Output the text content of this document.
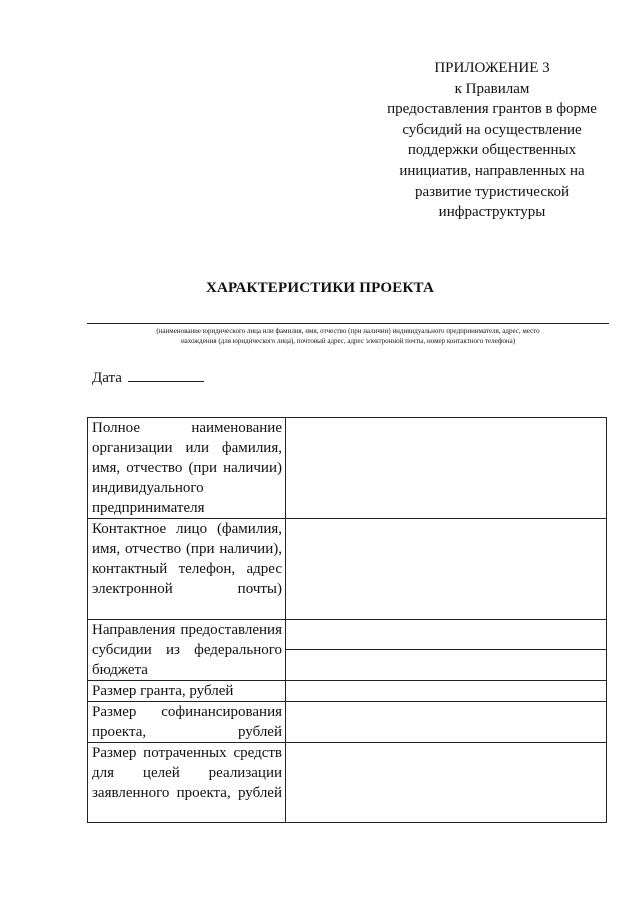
ПРИЛОЖЕНИЕ 3
к Правилам
предоставления грантов в форме
субсидий на осуществление
поддержки общественных
инициатив, направленных на
развитие туристической
инфраструктуры
ХАРАКТЕРИСТИКИ ПРОЕКТА
(наименование юридического лица или фамилия, имя, отчество (при наличии) индивидуального предпринимателя, адрес, место
нахождения (для юридического лица), почтовый адрес, адрес электронной почты, номер контактного телефона)
Дата
Полное наименование организации или фамилия, имя, отчество (при наличии) индивидуального предпринимателя	

Контактное лицо (фамилия, имя, отчество (при наличии), контактный телефон, адрес электронной почты)	

Направления предоставления субсидии из федерального бюджета	

Размер гранта, рублей	

Размер софинансирования проекта, рублей	

Размер потраченных средств для целей реализации заявленного проекта, рублей	
